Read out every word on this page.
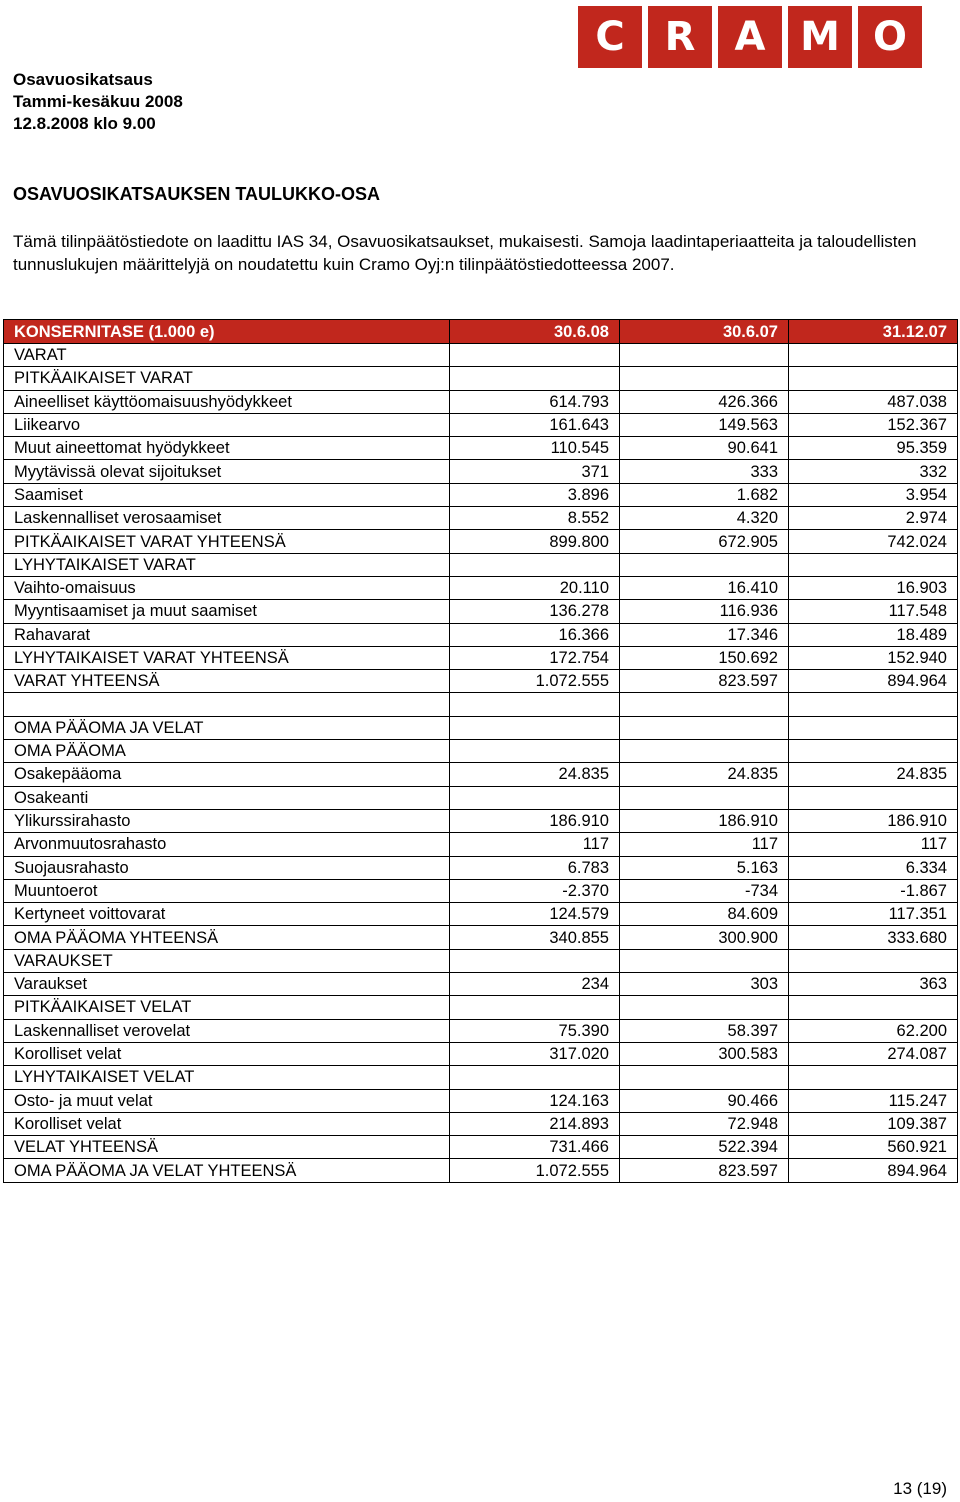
C R A M O
Osavuosikatsaus
Tammi-kesäkuu 2008
12.8.2008 klo 9.00
OSAVUOSIKATSAUKSEN TAULUKKO-OSA
Tämä tilinpäätöstiedote on laadittu IAS 34, Osavuosikatsaukset, mukaisesti. Samoja laadintaperiaatteita ja taloudellisten tunnuslukujen määrittelyjä on noudatettu kuin Cramo Oyj:n tilinpäätöstiedotteessa 2007.
KONSERNITASE (1.000 e)	30.6.08	30.6.07	31.12.07
VARAT			
PITKÄAIKAISET VARAT			
Aineelliset käyttöomaisuushyödykkeet	614.793	426.366	487.038
Liikearvo	161.643	149.563	152.367
Muut aineettomat hyödykkeet	110.545	90.641	95.359
Myytävissä olevat sijoitukset	371	333	332
Saamiset	3.896	1.682	3.954
Laskennalliset verosaamiset	8.552	4.320	2.974
PITKÄAIKAISET VARAT YHTEENSÄ	899.800	672.905	742.024
LYHYTAIKAISET VARAT			
Vaihto-omaisuus	20.110	16.410	16.903
Myyntisaamiset ja muut saamiset	136.278	116.936	117.548
Rahavarat	16.366	17.346	18.489
LYHYTAIKAISET VARAT YHTEENSÄ	172.754	150.692	152.940
VARAT YHTEENSÄ	1.072.555	823.597	894.964

OMA PÄÄOMA JA VELAT			
OMA PÄÄOMA			
Osakepääoma	24.835	24.835	24.835
Osakeanti			
Ylikurssirahasto	186.910	186.910	186.910
Arvonmuutosrahasto	117	117	117
Suojausrahasto	6.783	5.163	6.334
Muuntoerot	-2.370	-734	-1.867
Kertyneet voittovarat	124.579	84.609	117.351
OMA PÄÄOMA YHTEENSÄ	340.855	300.900	333.680
VARAUKSET			
Varaukset	234	303	363
PITKÄAIKAISET VELAT			
Laskennalliset verovelat	75.390	58.397	62.200
Korolliset velat	317.020	300.583	274.087
LYHYTAIKAISET VELAT			
Osto- ja muut velat	124.163	90.466	115.247
Korolliset velat	214.893	72.948	109.387
VELAT YHTEENSÄ	731.466	522.394	560.921
OMA PÄÄOMA JA VELAT YHTEENSÄ	1.072.555	823.597	894.964
13 (19)
